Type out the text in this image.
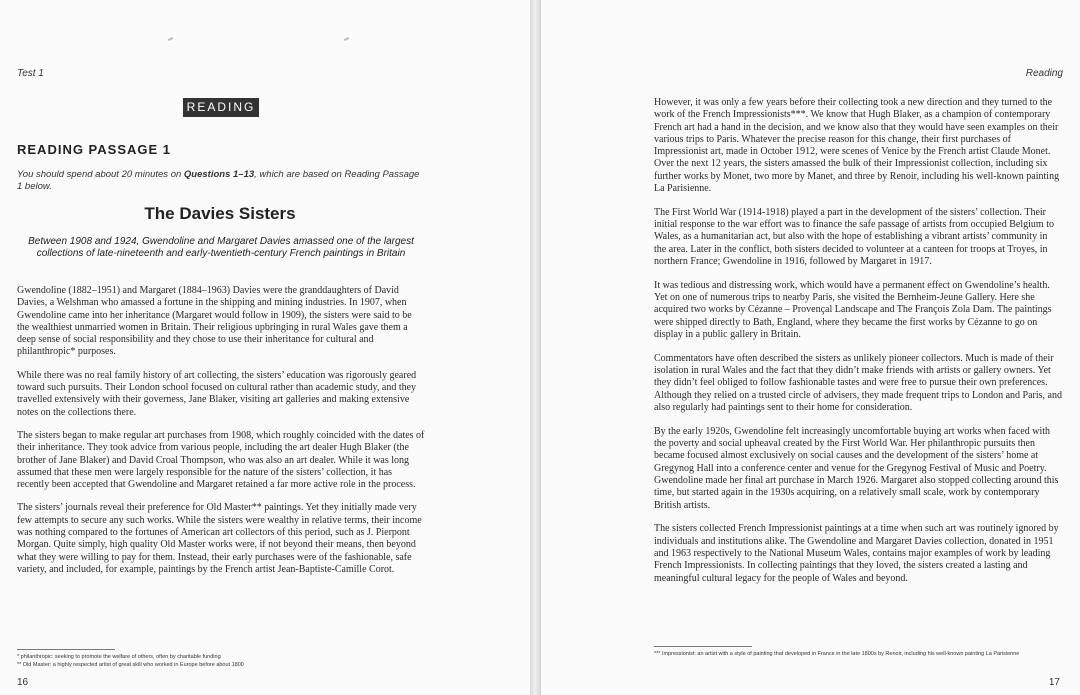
Test 1
READING
READING PASSAGE 1
You should spend about 20 minutes on Questions 1–13, which are based on Reading Passage 1 below.
The Davies Sisters
Between 1908 and 1924, Gwendoline and Margaret Davies amassed one of the largest collections of late-nineteenth and early-twentieth-century French paintings in Britain

Gwendoline (1882–1951) and Margaret (1884–1963) Davies were the granddaughters of David Davies, a Welshman who amassed a fortune in the shipping and mining industries. In 1907, when Gwendoline came into her inheritance (Margaret would follow in 1909), the sisters were said to be the wealthiest unmarried women in Britain. Their religious upbringing in rural Wales gave them a deep sense of social responsibility and they chose to use their inheritance for cultural and philanthropic* purposes.

While there was no real family history of art collecting, the sisters’ education was rigorously geared toward such pursuits. Their London school focused on cultural rather than academic study, and they travelled extensively with their governess, Jane Blaker, visiting art galleries and making extensive notes on the collections there.

The sisters began to make regular art purchases from 1908, which roughly coincided with the dates of their inheritance. They took advice from various people, including the art dealer Hugh Blaker (the brother of Jane Blaker) and David Croal Thompson, who was also an art dealer. While it was long assumed that these men were largely responsible for the nature of the sisters’ collection, it has recently been accepted that Gwendoline and Margaret retained a far more active role in the process.

The sisters’ journals reveal their preference for Old Master** paintings. Yet they initially made very few attempts to secure any such works. While the sisters were wealthy in relative terms, their income was nothing compared to the fortunes of American art collectors of this period, such as J. Pierpont Morgan. Quite simply, high quality Old Master works were, if not beyond their means, then beyond what they were willing to pay for them. Instead, their early purchases were of the fashionable, safe variety, and included, for example, paintings by the French artist Jean-Baptiste-Camille Corot.

* philanthropic: seeking to promote the welfare of others, often by charitable funding
** Old Master: a highly respected artist of great skill who worked in Europe before about 1800
16
Reading

However, it was only a few years before their collecting took a new direction and they turned to the work of the French Impressionists***. We know that Hugh Blaker, as a champion of contemporary French art had a hand in the decision, and we know also that they would have seen examples on their various trips to Paris. Whatever the precise reason for this change, their first purchases of Impressionist art, made in October 1912, were scenes of Venice by the French artist Claude Monet. Over the next 12 years, the sisters amassed the bulk of their Impressionist collection, including six further works by Monet, two more by Manet, and three by Renoir, including his well-known painting La Parisienne.

The First World War (1914-1918) played a part in the development of the sisters’ collection. Their initial response to the war effort was to finance the safe passage of artists from occupied Belgium to Wales, as a humanitarian act, but also with the hope of establishing a vibrant artists’ community in the area. Later in the conflict, both sisters decided to volunteer at a canteen for troops at Troyes, in northern France; Gwendoline in 1916, followed by Margaret in 1917.

It was tedious and distressing work, which would have a permanent effect on Gwendoline’s health. Yet on one of numerous trips to nearby Paris, she visited the Bernheim-Jeune Gallery. Here she acquired two works by Cézanne – Provençal Landscape and The François Zola Dam. The paintings were shipped directly to Bath, England, where they became the first works by Cézanne to go on display in a public gallery in Britain.

Commentators have often described the sisters as unlikely pioneer collectors. Much is made of their isolation in rural Wales and the fact that they didn’t make friends with artists or gallery owners. Yet they didn’t feel obliged to follow fashionable tastes and were free to pursue their own preferences. Although they relied on a trusted circle of advisers, they made frequent trips to London and Paris, and also regularly had paintings sent to their home for consideration.

By the early 1920s, Gwendoline felt increasingly uncomfortable buying art works when faced with the poverty and social upheaval created by the First World War. Her philanthropic pursuits then became focused almost exclusively on social causes and the development of the sisters’ home at Gregynog Hall into a conference center and venue for the Gregynog Festival of Music and Poetry. Gwendoline made her final art purchase in March 1926. Margaret also stopped collecting around this time, but started again in the 1930s acquiring, on a relatively small scale, work by contemporary British artists.

The sisters collected French Impressionist paintings at a time when such art was routinely ignored by individuals and institutions alike. The Gwendoline and Margaret Davies collection, donated in 1951 and 1963 respectively to the National Museum Wales, contains major examples of work by leading French Impressionists. In collecting paintings that they loved, the sisters created a lasting and meaningful cultural legacy for the people of Wales and beyond.

*** Impressionist: an artist with a style of painting that developed in France in the late 1800s by Renoir, including his well-known painting La Parisienne
17
